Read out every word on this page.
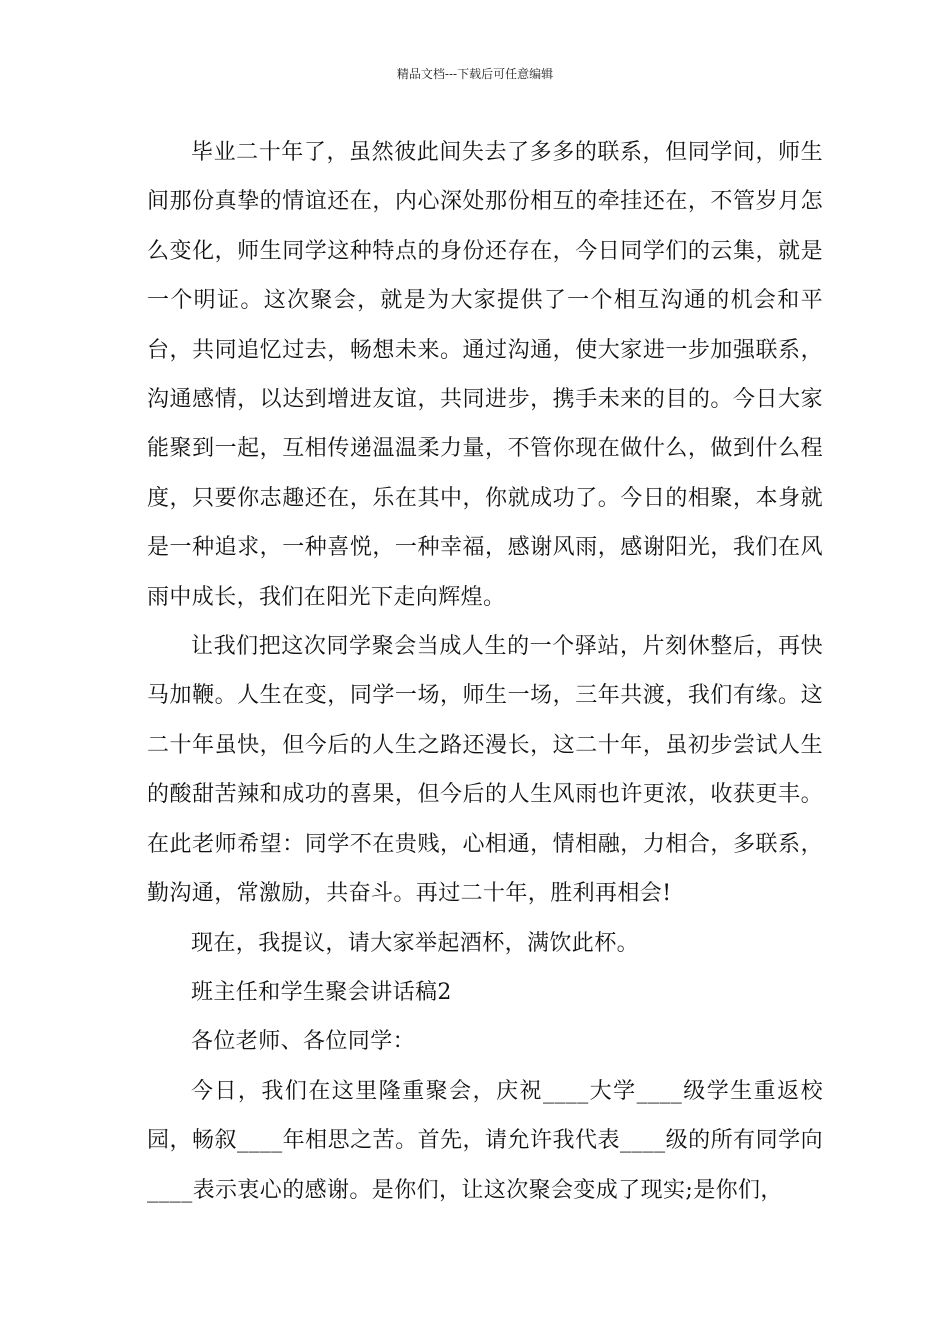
精品文档---下载后可任意编辑

毕业二十年了，虽然彼此间失去了多多的联系，但同学间，师生间那份真挚的情谊还在，内心深处那份相互的牵挂还在，不管岁月怎么变化，师生同学这种特点的身份还存在，今日同学们的云集，就是一个明证。这次聚会，就是为大家提供了一个相互沟通的机会和平台，共同追忆过去，畅想未来。通过沟通，使大家进一步加强联系，沟通感情，以达到增进友谊，共同进步，携手未来的目的。今日大家能聚到一起，互相传递温温柔力量，不管你现在做什么，做到什么程度，只要你志趣还在，乐在其中，你就成功了。今日的相聚，本身就是一种追求，一种喜悦，一种幸福，感谢风雨，感谢阳光，我们在风雨中成长，我们在阳光下走向辉煌。

让我们把这次同学聚会当成人生的一个驿站，片刻休整后，再快马加鞭。人生在变，同学一场，师生一场，三年共渡，我们有缘。这二十年虽快，但今后的人生之路还漫长，这二十年，虽初步尝试人生的酸甜苦辣和成功的喜果，但今后的人生风雨也许更浓，收获更丰。在此老师希望：同学不在贵贱，心相通，情相融，力相合，多联系，勤沟通，常激励，共奋斗。再过二十年，胜利再相会!

现在，我提议，请大家举起酒杯，满饮此杯。

班主任和学生聚会讲话稿2

各位老师、各位同学：

今日，我们在这里隆重聚会，庆祝____大学____级学生重返校园，畅叙____年相思之苦。首先，请允许我代表____级的所有同学向____表示衷心的感谢。是你们，让这次聚会变成了现实;是你们，
